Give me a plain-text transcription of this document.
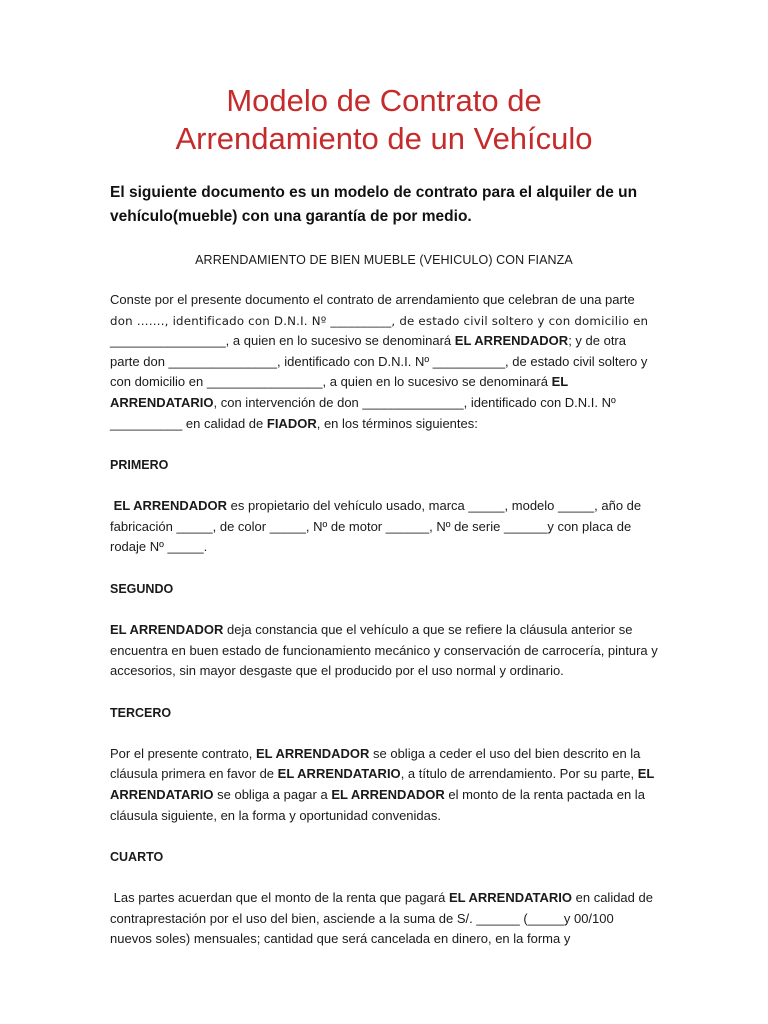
Modelo de Contrato de
Arrendamiento de un Vehículo

El siguiente documento es un modelo de contrato para el alquiler de un vehículo(mueble) con una garantía de por medio.

ARRENDAMIENTO DE BIEN MUEBLE (VEHICULO) CON FIANZA

Conste por el presente documento el contrato de arrendamiento que celebran de una parte don ……., identificado con D.N.I. Nº __________, de estado civil soltero y con domicilio en ________________, a quien en lo sucesivo se denominará EL ARRENDADOR; y de otra parte don _______________, identificado con D.N.I. Nº __________, de estado civil soltero y con domicilio en ________________, a quien en lo sucesivo se denominará EL ARRENDATARIO, con intervención de don ______________, identificado con D.N.I. Nº __________ en calidad de FIADOR, en los términos siguientes:

PRIMERO

EL ARRENDADOR es propietario del vehículo usado, marca _____, modelo _____, año de fabricación _____, de color _____, Nº de motor ______, Nº de serie ______y con placa de rodaje Nº _____.

SEGUNDO

EL ARRENDADOR deja constancia que el vehículo a que se refiere la cláusula anterior se encuentra en buen estado de funcionamiento mecánico y conservación de carrocería, pintura y accesorios, sin mayor desgaste que el producido por el uso normal y ordinario.

TERCERO

Por el presente contrato, EL ARRENDADOR se obliga a ceder el uso del bien descrito en la cláusula primera en favor de EL ARRENDATARIO, a título de arrendamiento. Por su parte, EL ARRENDATARIO se obliga a pagar a EL ARRENDADOR el monto de la renta pactada en la cláusula siguiente, en la forma y oportunidad convenidas.

CUARTO

Las partes acuerdan que el monto de la renta que pagará EL ARRENDATARIO en calidad de contraprestación por el uso del bien, asciende a la suma de S/. ______ (_____y 00/100 nuevos soles) mensuales; cantidad que será cancelada en dinero, en la forma y
